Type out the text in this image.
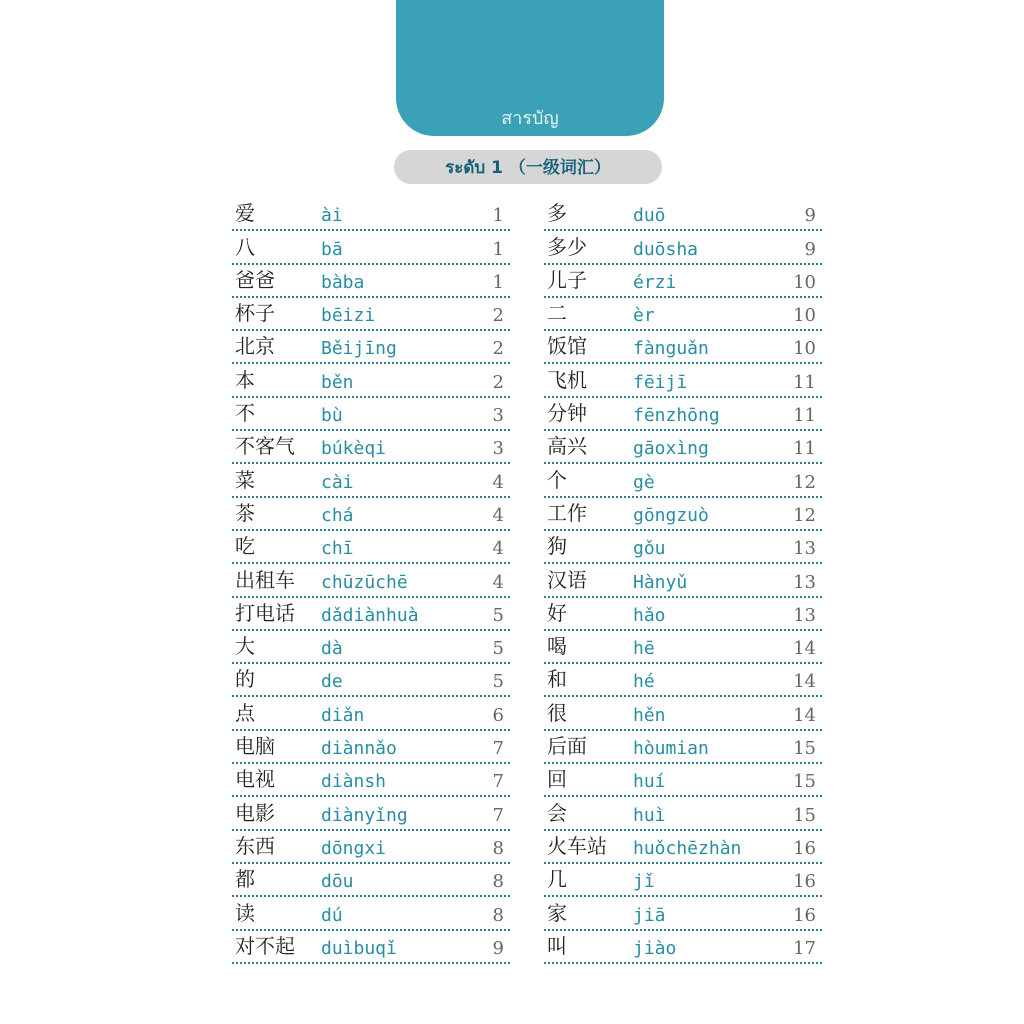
สารบัญ
ระดับ 1 （一级词汇）
爱	ài	1
八	bā	1
爸爸	bàba	1
杯子	bēizi	2
北京	Běijīng	2
本	běn	2
不	bù	3
不客气 búkèqi	3
菜	cài	4
茶	chá	4
吃	chī	4
出租车 chūzūchē	4
打电话 dǎdiànhuà	5
大	dà	5
的	de	5
点	diǎn	6
电脑	diànnǎo	7
电视	diànsh	7
电影	diànyǐng	7
东西	dōngxi	8
都	dōu	8
读	dú	8
对不起 duìbuqǐ	9
多	duō	9
多少	duōsha	9
儿子	érzi	10
二	èr	10
饭馆	fànguǎn	10
飞机	fēijī	11
分钟	fēnzhōng	11
高兴	gāoxìng	11
个	gè	12
工作	gōngzuò	12
狗	gǒu	13
汉语	Hànyǔ	13
好	hǎo	13
喝	hē	14
和	hé	14
很	hěn	14
后面	hòumian	15
回	huí	15
会	huì	15
火车站 huǒchēzhàn	16
几	jǐ	16
家	jiā	16
叫	jiào	17
